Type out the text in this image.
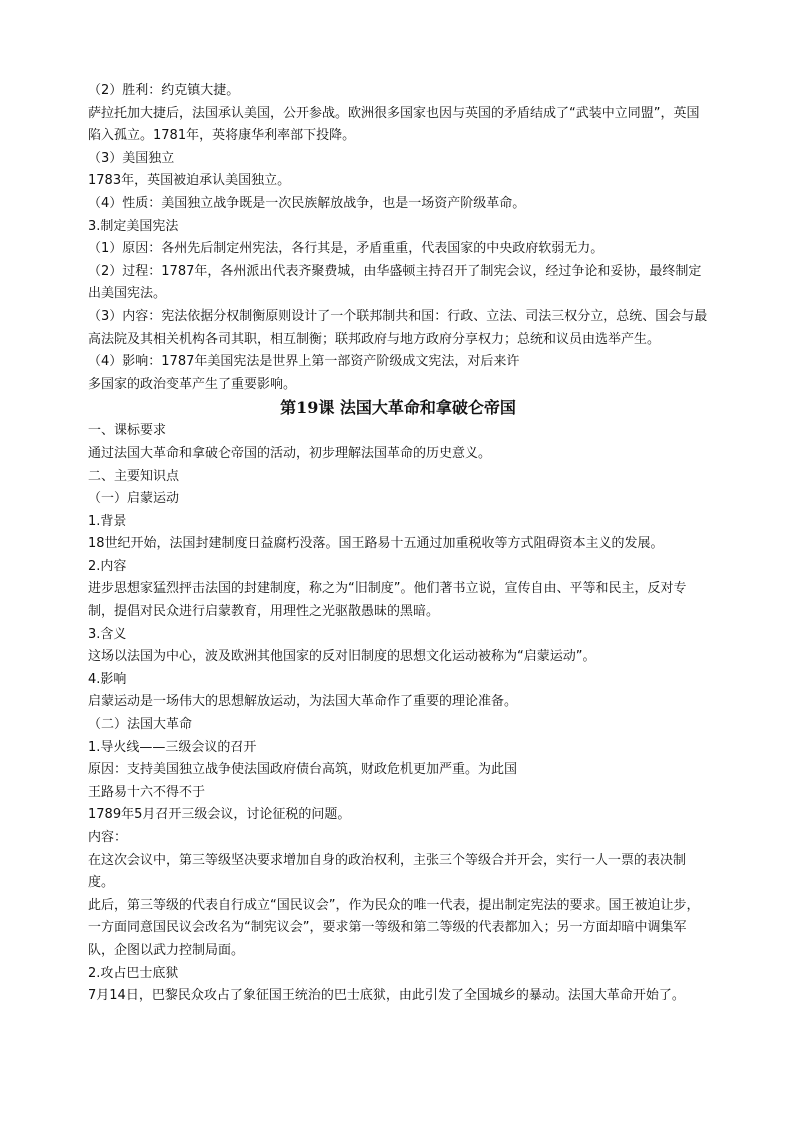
（2）胜利：约克镇大捷。

萨拉托加大捷后，法国承认美国，公开参战。欧洲很多国家也因与英国的矛盾结成了“武装中立同盟”，英国陷入孤立。1781年，英将康华利率部下投降。

（3）美国独立

1783年，英国被迫承认美国独立。

（4）性质：美国独立战争既是一次民族解放战争，也是一场资产阶级革命。

3.制定美国宪法

（1）原因：各州先后制定州宪法，各行其是，矛盾重重，代表国家的中央政府软弱无力。

（2）过程：1787年，各州派出代表齐聚费城，由华盛顿主持召开了制宪会议，经过争论和妥协，最终制定出美国宪法。

（3）内容：宪法依据分权制衡原则设计了一个联邦制共和国：行政、立法、司法三权分立，总统、国会与最高法院及其相关机构各司其职，相互制衡；联邦政府与地方政府分享权力；总统和议员由选举产生。

（4）影响：1787年美国宪法是世界上第一部资产阶级成文宪法，对后来许

多国家的政治变革产生了重要影响。

第19课 法国大革命和拿破仑帝国

一、课标要求

通过法国大革命和拿破仑帝国的活动，初步理解法国革命的历史意义。

二、主要知识点

（一）启蒙运动

1.背景

18世纪开始，法国封建制度日益腐朽没落。国王路易十五通过加重税收等方式阻碍资本主义的发展。

2.内容

进步思想家猛烈抨击法国的封建制度，称之为“旧制度”。他们著书立说，宣传自由、平等和民主，反对专制，提倡对民众进行启蒙教育，用理性之光驱散愚昧的黑暗。

3.含义

这场以法国为中心，波及欧洲其他国家的反对旧制度的思想文化运动被称为“启蒙运动”。

4.影响

启蒙运动是一场伟大的思想解放运动，为法国大革命作了重要的理论准备。

（二）法国大革命

1.导火线——三级会议的召开

原因：支持美国独立战争使法国政府债台高筑，财政危机更加严重。为此国

王路易十六不得不于

1789年5月召开三级会议，讨论征税的问题。

内容：

在这次会议中，第三等级坚决要求增加自身的政治权利，主张三个等级合并开会，实行一人一票的表决制度。

此后，第三等级的代表自行成立“国民议会”，作为民众的唯一代表，提出制定宪法的要求。国王被迫让步，一方面同意国民议会改名为“制宪议会”，要求第一等级和第二等级的代表都加入；另一方面却暗中调集军队，企图以武力控制局面。

2.攻占巴士底狱

7月14日，巴黎民众攻占了象征国王统治的巴士底狱，由此引发了全国城乡的暴动。法国大革命开始了。
